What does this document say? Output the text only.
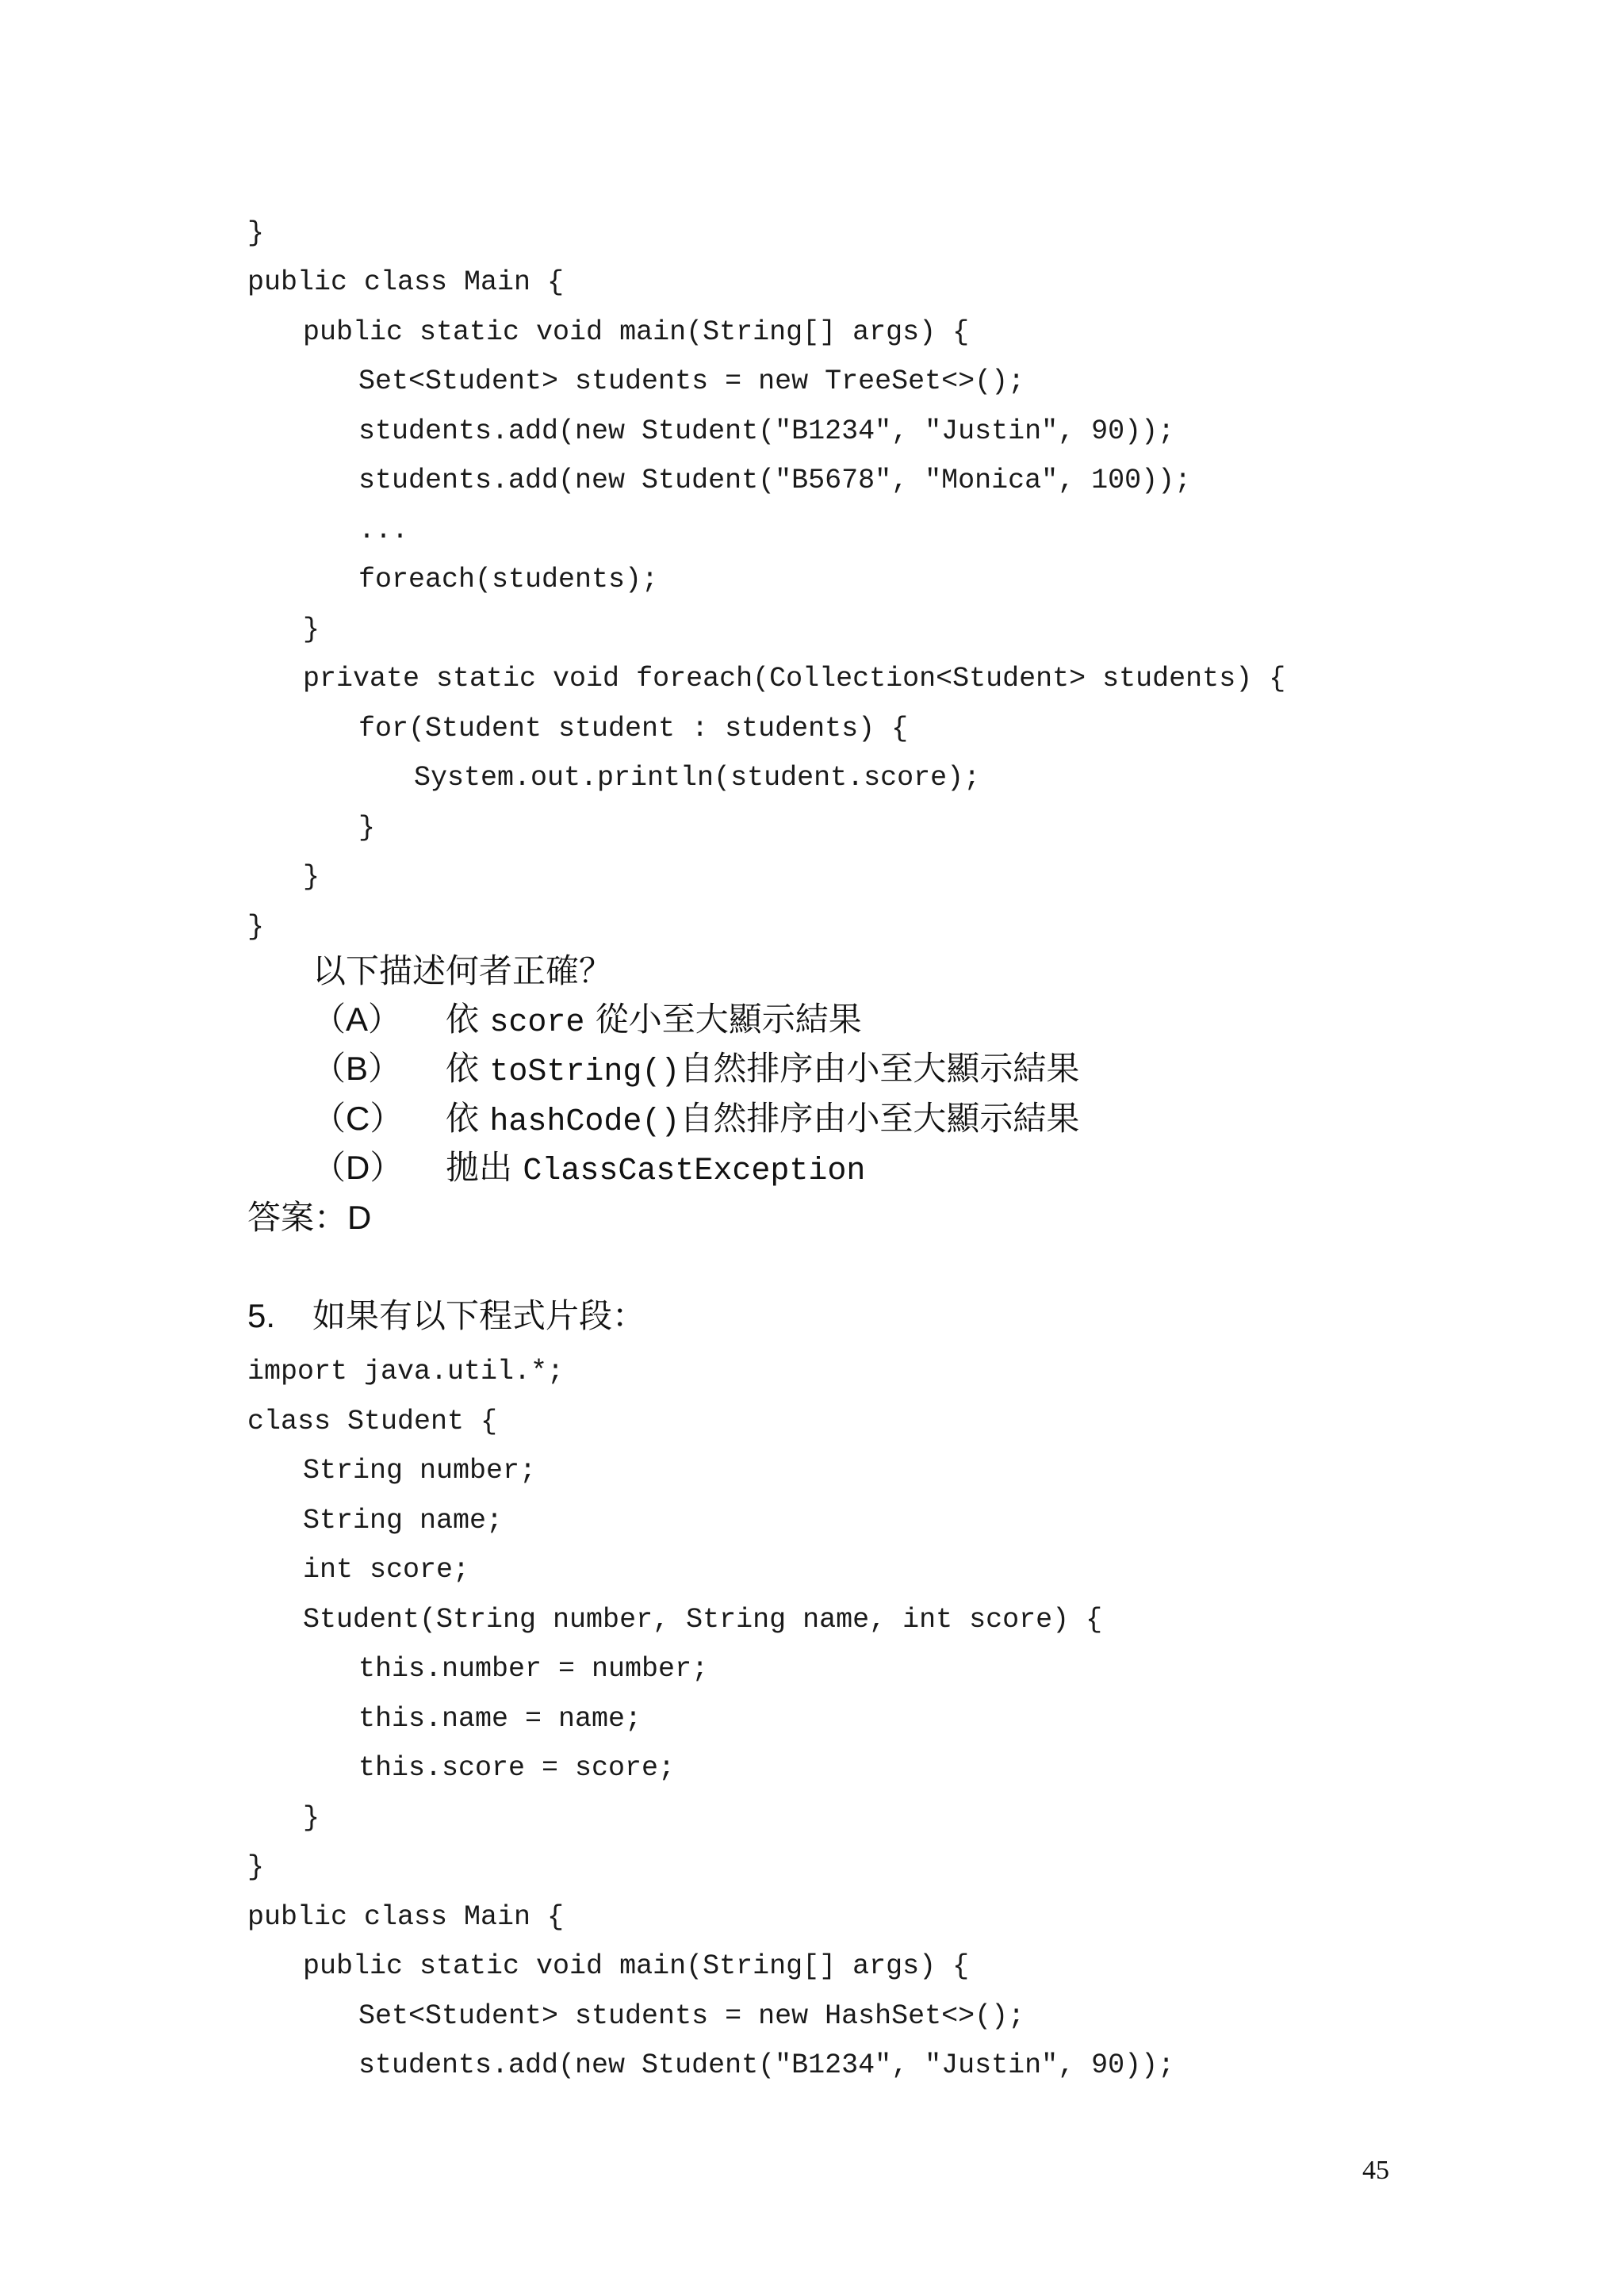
}
public class Main {
public static void main(String[] args) {
Set<Student> students = new TreeSet<>();
students.add(new Student("B1234", "Justin", 90));
students.add(new Student("B5678", "Monica", 100));
...
foreach(students);
}
private static void foreach(Collection<Student> students) {
for(Student student : students) {
System.out.println(student.score);
}
}
}
以下描述何者正確？
（A） 依 score 從小至大顯示結果
（B） 依 toString()自然排序由小至大顯示結果
（C） 依 hashCode()自然排序由小至大顯示結果
（D） 拋出 ClassCastException
答案：D
5. 如果有以下程式片段：
import java.util.*;
class Student {
String number;
String name;
int score;
Student(String number, String name, int score) {
this.number = number;
this.name = name;
this.score = score;
}
}
public class Main {
public static void main(String[] args) {
Set<Student> students = new HashSet<>();
students.add(new Student("B1234", "Justin", 90));
45
